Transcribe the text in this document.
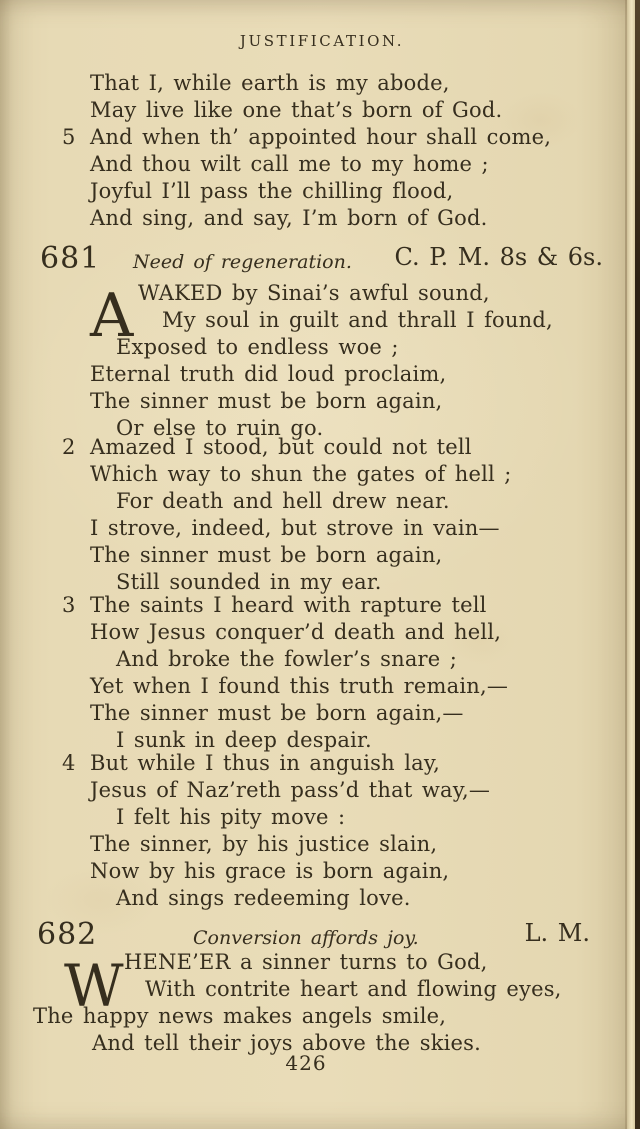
JUSTIFICATION.
That I, while earth is my abode,
May live like one that’s born of God.
5 And when th’ appointed hour shall come,
And thou wilt call me to my home ;
Joyful I’ll pass the chilling flood,
And sing, and say, I’m born of God.
681 Need of regeneration. C. P. M. 8s & 6s.
A WAKED by Sinai’s awful sound,
My soul in guilt and thrall I found,
Exposed to endless woe ;
Eternal truth did loud proclaim,
The sinner must be born again,
Or else to ruin go.
2 Amazed I stood, but could not tell
Which way to shun the gates of hell ;
For death and hell drew near.
I strove, indeed, but strove in vain—
The sinner must be born again,
Still sounded in my ear.
3 The saints I heard with rapture tell
How Jesus conquer’d death and hell,
And broke the fowler’s snare ;
Yet when I found this truth remain,—
The sinner must be born again,—
I sunk in deep despair.
4 But while I thus in anguish lay,
Jesus of Naz’reth pass’d that way,—
I felt his pity move :
The sinner, by his justice slain,
Now by his grace is born again,
And sings redeeming love.
682	Conversion affords joy.	L. M.
W HENE’ER a sinner turns to God,
With contrite heart and flowing eyes,
The happy news makes angels smile,
And tell their joys above the skies.
426
